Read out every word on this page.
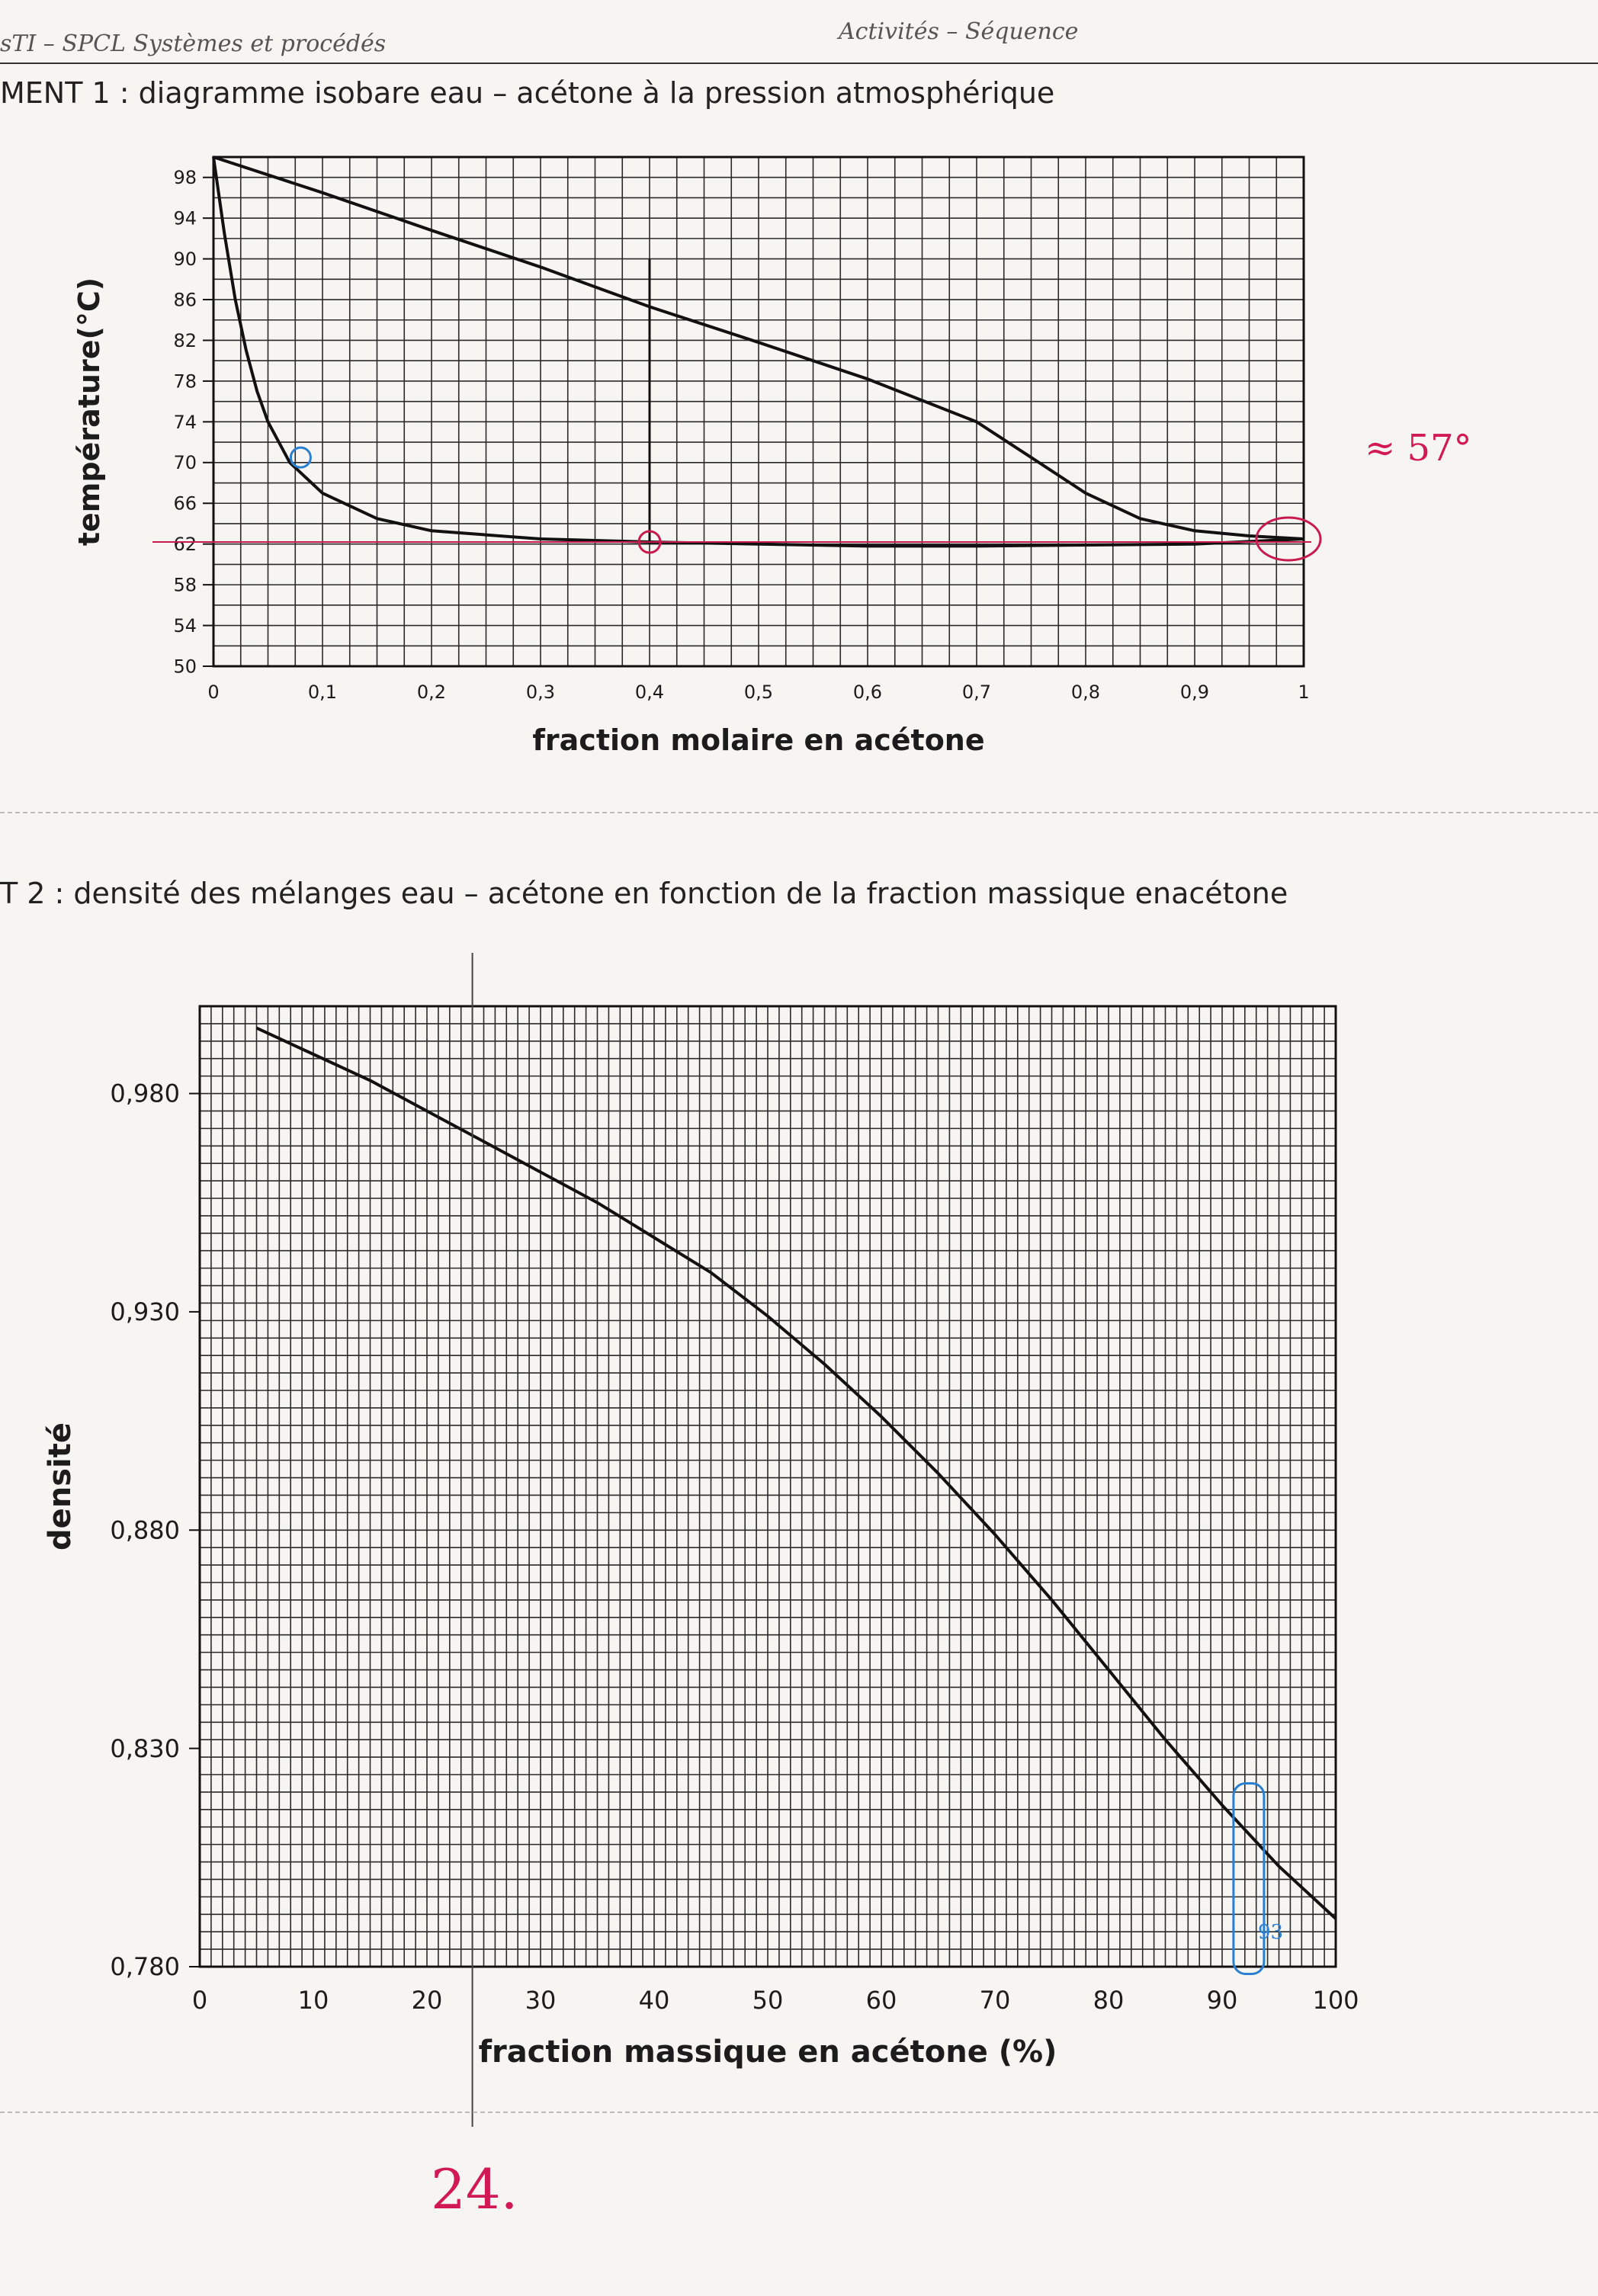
sTI – SPCL Systèmes et procédés	Activités – Séquence
MENT 1 : diagramme isobare eau – acétone à la pression atmosphérique
0	0,1	0,2	0,3	0,4	0,5	0,6	0,7	0,8	0,9	1
50
54
58
62
66
70
74
78
82
86
90
94
98
fraction molaire en acétone
température(°C)
T 2 : densité des mélanges eau – acétone en fonction de la fraction massique enacétone
0	10	20	30	40	50	60	70	80	90	100
0,780
0,830
0,880
0,930
0,980
fraction massique en acétone (%)
densité
≈ 57°
24.
93
